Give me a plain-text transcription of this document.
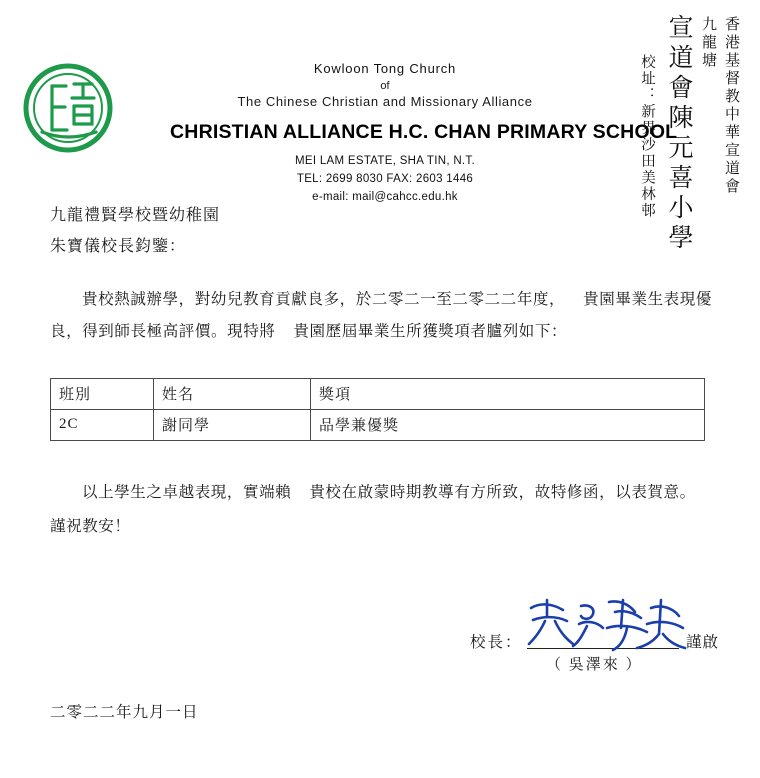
Kowloon Tong Church
of
The Chinese Christian and Missionary Alliance
CHRISTIAN ALLIANCE H.C. CHAN PRIMARY SCHOOL
MEI LAM ESTATE, SHA TIN, N.T.
TEL: 2699 8030 FAX: 2603 1446
e-mail: mail@cahcc.edu.hk
校址：新界沙田美林邨 宣道會陳元喜小學 九龍塘 香港基督教中華宣道會
九龍禮賢學校暨幼稚園
朱寶儀校長鈞鑒：
貴校熱誠辦學，對幼兒教育貢獻良多，於二零二一至二零二二年度， 貴園畢業生表現優良，得到師長極高評價。現特將 貴園歷屆畢業生所獲獎項者臚列如下：
班別	姓名	獎項
2C	謝同學	品學兼優獎
以上學生之卓越表現，實端賴 貴校在啟蒙時期教導有方所致，故特修函，以表賀意。
謹祝教安！
校長：	謹啟
（ 吳澤來 ）
二零二二年九月一日
